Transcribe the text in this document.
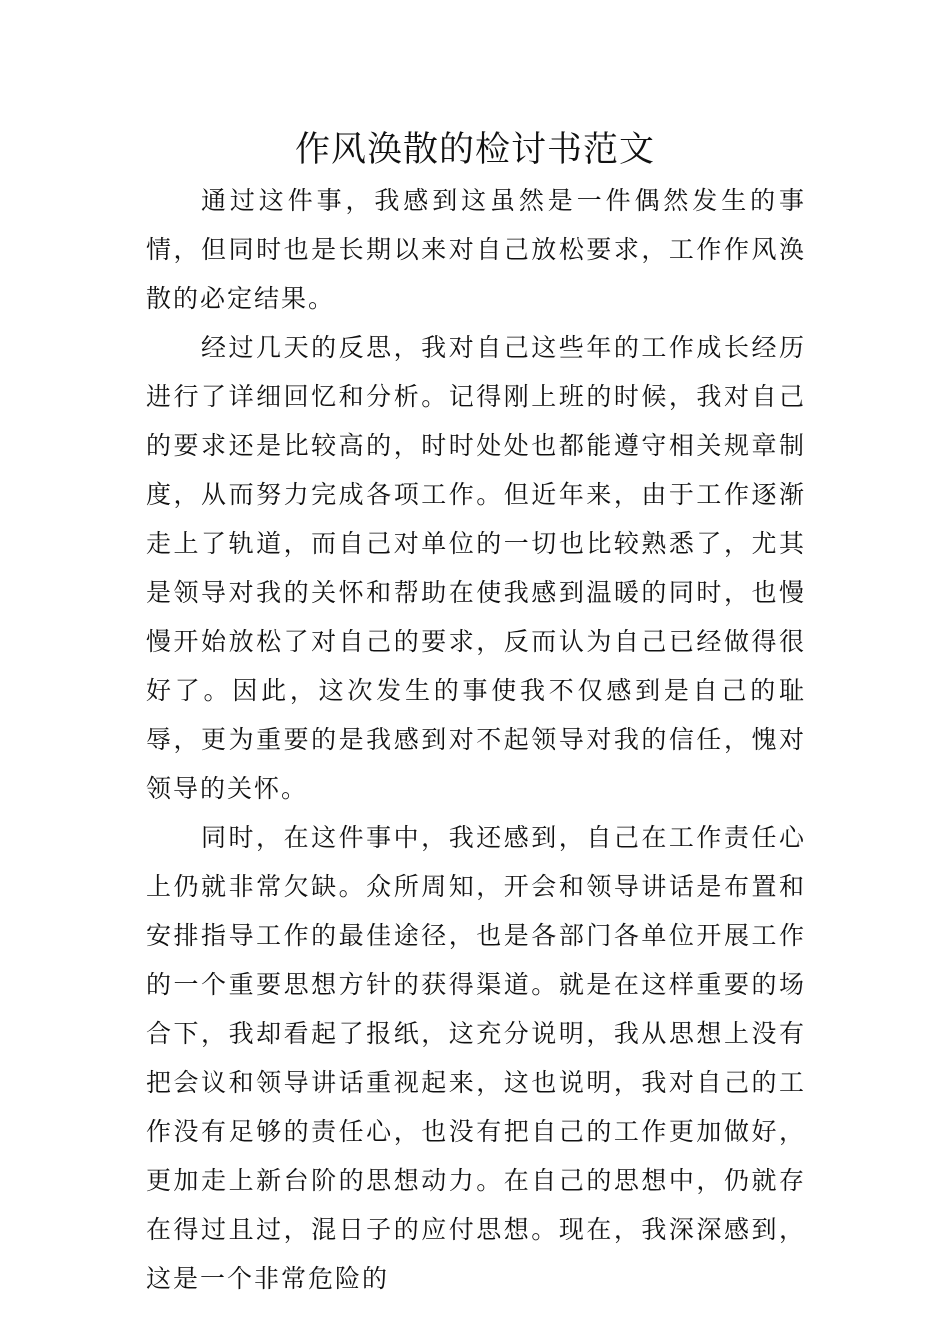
作风涣散的检讨书范文

通过这件事，我感到这虽然是一件偶然发生的事情，但同时也是长期以来对自己放松要求，工作作风涣散的必定结果。

经过几天的反思，我对自己这些年的工作成长经历进行了详细回忆和分析。记得刚上班的时候，我对自己的要求还是比较高的，时时处处也都能遵守相关规章制度，从而努力完成各项工作。但近年来，由于工作逐渐走上了轨道，而自己对单位的一切也比较熟悉了，尤其是领导对我的关怀和帮助在使我感到温暖的同时，也慢慢开始放松了对自己的要求，反而认为自己已经做得很好了。因此，这次发生的事使我不仅感到是自己的耻辱，更为重要的是我感到对不起领导对我的信任，愧对领导的关怀。

同时，在这件事中，我还感到，自己在工作责任心上仍就非常欠缺。众所周知，开会和领导讲话是布置和安排指导工作的最佳途径，也是各部门各单位开展工作的一个重要思想方针的获得渠道。就是在这样重要的场合下，我却看起了报纸，这充分说明，我从思想上没有把会议和领导讲话重视起来，这也说明，我对自己的工作没有足够的责任心，也没有把自己的工作更加做好，更加走上新台阶的思想动力。在自己的思想中，仍就存在得过且过，混日子的应付思想。现在，我深深感到，这是一个非常危险的
